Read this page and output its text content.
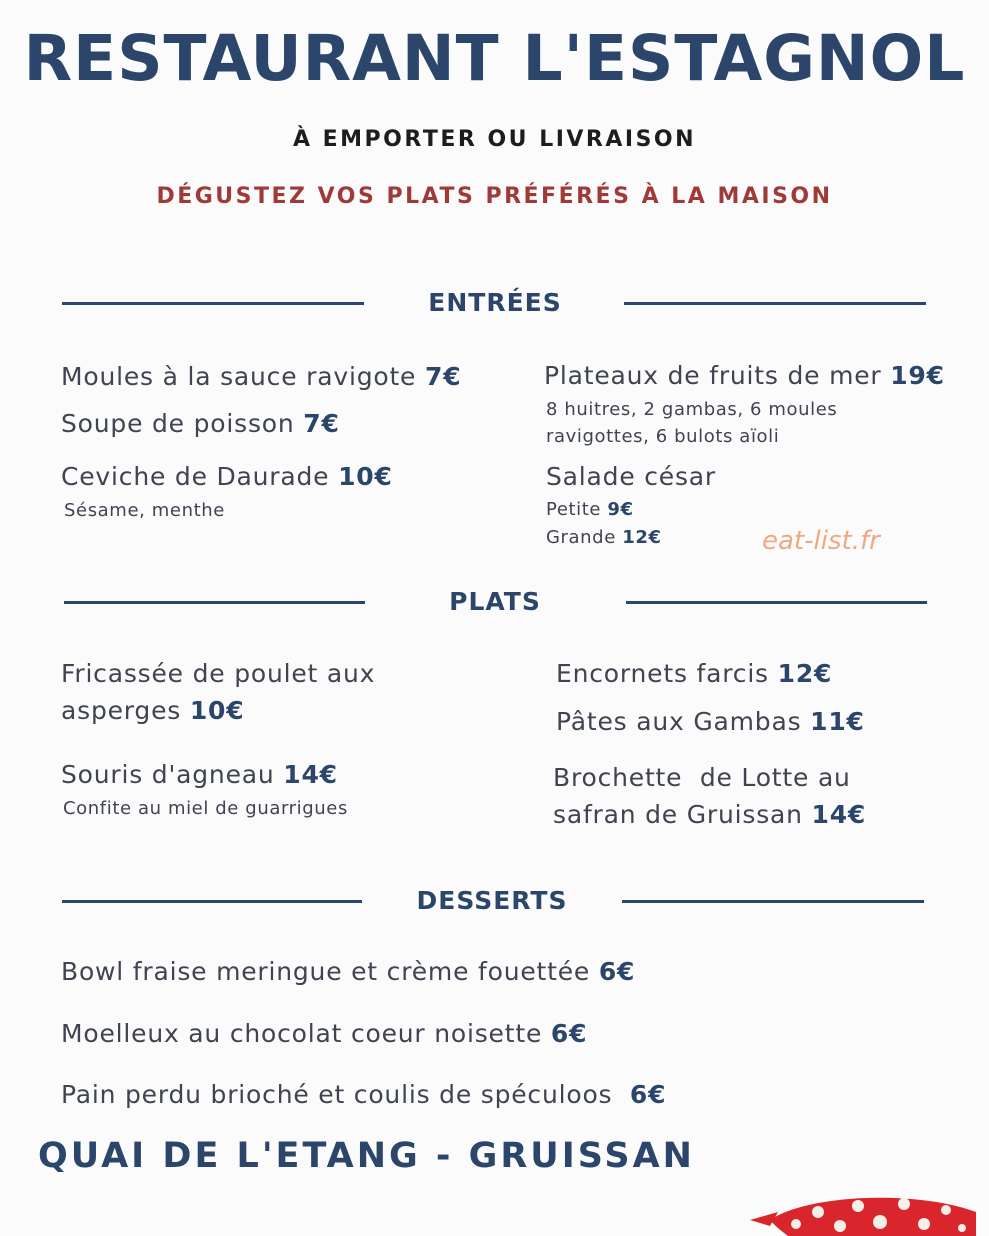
RESTAURANT L'ESTAGNOL
À EMPORTER OU LIVRAISON
DÉGUSTEZ VOS PLATS PRÉFÉRÉS À LA MAISON
ENTRÉES
Moules à la sauce ravigote 7€
Soupe de poisson 7€
Ceviche de Daurade 10€
Sésame, menthe
Plateaux de fruits de mer 19€
8 huitres, 2 gambas, 6 moules
ravigottes, 6 bulots aïoli
Salade césar
Petite 9€
Grande 12€	eat-list.fr
PLATS
Fricassée de poulet aux
asperges 10€
Souris d'agneau 14€
Confite au miel de guarrigues
Encornets farcis 12€
Pâtes aux Gambas 11€
Brochette  de Lotte au
safran de Gruissan 14€
DESSERTS
Bowl fraise meringue et crème fouettée 6€
Moelleux au chocolat coeur noisette 6€
Pain perdu brioché et coulis de spéculoos  6€
QUAI DE L'ETANG - GRUISSAN
